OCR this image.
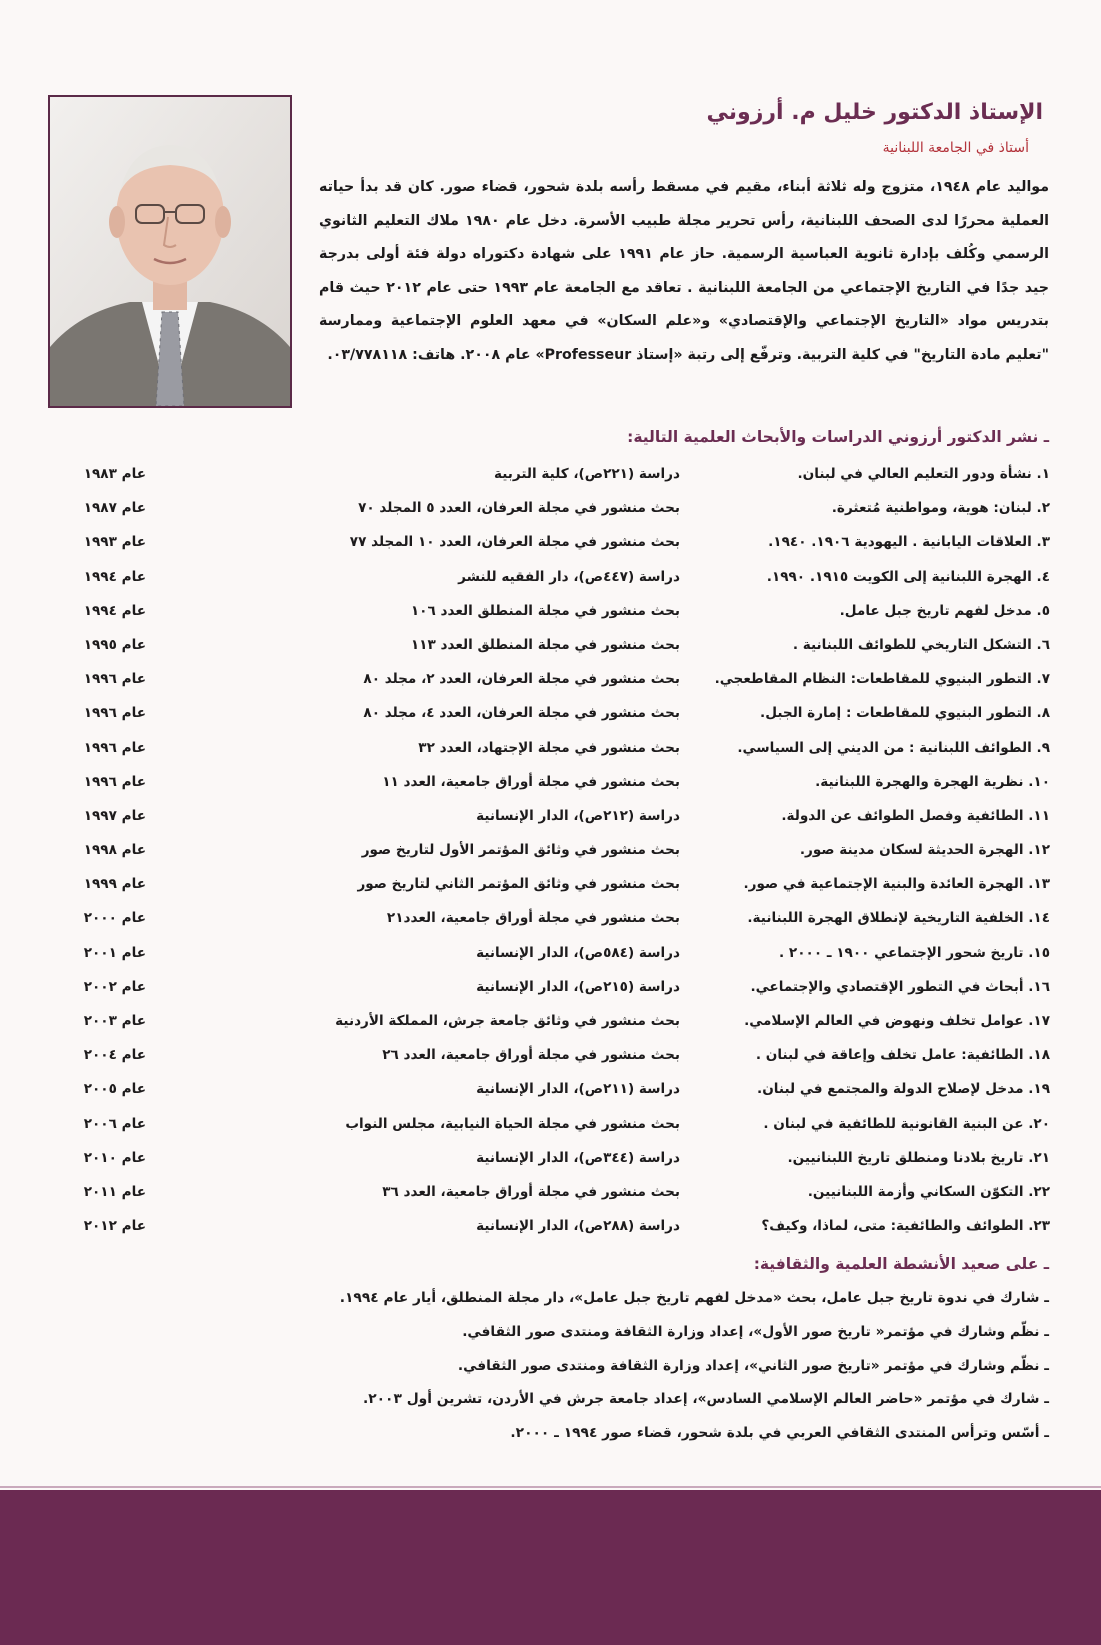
الإستاذ الدكتور خليل م. أرزوني
أستاذ في الجامعة اللبنانية
مواليد عام ١٩٤٨، متزوج وله ثلاثة أبناء، مقيم في مسقط رأسه بلدة شحور، قضاء صور. كان قد بدأ حياته العملية محررًا لدى الصحف اللبنانية، رأس تحرير مجلة طبيب الأسرة. دخل عام ١٩٨٠ ملاك التعليم الثانوي الرسمي وكُلف بإدارة ثانوية العباسية الرسمية. حاز عام ١٩٩١ على شهادة دكتوراه دولة فئة أولى بدرجة جيد جدًا في التاريخ الإجتماعي من الجامعة اللبنانية . تعاقد مع الجامعة عام ١٩٩٣ حتى عام ٢٠١٢ حيث قام بتدريس مواد «التاريخ الإجتماعي والإقتصادي» و«علم السكان» في معهد العلوم الإجتماعية وممارسة "تعليم مادة التاريخ" في كلية التربية. وترفّع إلى رتبة «إستاذ Professeur» عام ٢٠٠٨. هاتف: ٠٣/٧٧٨١١٨.
ـ نشر الدكتور أرزوني الدراسات والأبحاث العلمية التالية:
١. نشأة ودور التعليم العالي في لبنان.
دراسة (٢٢١ص)، كلية التربية
عام ١٩٨٣
٢. لبنان: هوية، ومواطنية مُتعثرة.
بحث منشور في مجلة العرفان، العدد ٥ المجلد ٧٠
عام ١٩٨٧
٣. العلاقات اليابانية . اليهودية ١٩٠٦. ١٩٤٠.
بحث منشور في مجلة العرفان، العدد ١٠ المجلد ٧٧
عام ١٩٩٣
٤. الهجرة اللبنانية إلى الكويت ١٩١٥. ١٩٩٠.
دراسة (٤٤٧ص)، دار الفقيه للنشر
عام ١٩٩٤
٥. مدخل لفهم تاريخ جبل عامل.
بحث منشور في مجلة المنطلق العدد ١٠٦
عام ١٩٩٤
٦. التشكل التاريخي للطوائف اللبنانية .
بحث منشور في مجلة المنطلق العدد ١١٣
عام ١٩٩٥
٧. التطور البنيوي للمقاطعات: النظام المقاطعجي.
بحث منشور في مجلة العرفان، العدد ٢، مجلد ٨٠
عام ١٩٩٦
٨. التطور البنيوي للمقاطعات : إمارة الجبل.
بحث منشور في مجلة العرفان، العدد ٤، مجلد ٨٠
عام ١٩٩٦
٩. الطوائف اللبنانية : من الديني إلى السياسي.
بحث منشور في مجلة الإجتهاد، العدد ٣٢
عام ١٩٩٦
١٠. نظرية الهجرة والهجرة اللبنانية.
بحث منشور في مجلة أوراق جامعية، العدد ١١
عام ١٩٩٦
١١. الطائفية وفصل الطوائف عن الدولة.
دراسة (٢١٢ص)، الدار الإنسانية
عام ١٩٩٧
١٢. الهجرة الحديثة لسكان مدينة صور.
بحث منشور في وثائق المؤتمر الأول لتاريخ صور
عام ١٩٩٨
١٣. الهجرة العائدة والبنية الإجتماعية في صور.
بحث منشور في وثائق المؤتمر الثاني لتاريخ صور
عام ١٩٩٩
١٤. الخلفية التاريخية لإنطلاق الهجرة اللبنانية.
بحث منشور في مجلة أوراق جامعية، العدد٢١
عام ٢٠٠٠
١٥. تاريخ شحور الإجتماعي ١٩٠٠ ـ ٢٠٠٠ .
دراسة (٥٨٤ص)، الدار الإنسانية
عام ٢٠٠١
١٦. أبحاث في التطور الإقتصادي والإجتماعي.
دراسة (٢١٥ص)، الدار الإنسانية
عام ٢٠٠٢
١٧. عوامل تخلف ونهوض في العالم الإسلامي.
بحث منشور في وثائق جامعة جرش، المملكة الأردنية
عام ٢٠٠٣
١٨. الطائفية: عامل تخلف وإعاقة في لبنان .
بحث منشور في مجلة أوراق جامعية، العدد ٢٦
عام ٢٠٠٤
١٩. مدخل لإصلاح الدولة والمجتمع في لبنان.
دراسة (٢١١ص)، الدار الإنسانية
عام ٢٠٠٥
٢٠. عن البنية القانونية للطائفية في لبنان .
بحث منشور في مجلة الحياة النيابية، مجلس النواب
عام ٢٠٠٦
٢١. تاريخ بلادنا ومنطلق تاريخ اللبنانيين.
دراسة (٣٤٤ص)، الدار الإنسانية
عام ٢٠١٠
٢٢. التكوّن السكاني وأزمة اللبنانيين.
بحث منشور في مجلة أوراق جامعية، العدد ٣٦
عام ٢٠١١
٢٣. الطوائف والطائفية: متى، لماذا، وكيف؟
دراسة (٢٨٨ص)، الدار الإنسانية
عام ٢٠١٢
ـ على صعيد الأنشطة العلمية والثقافية:
ـ شارك في ندوة تاريخ جبل عامل، بحث «مدخل لفهم تاريخ جبل عامل»، دار مجلة المنطلق، أيار عام ١٩٩٤.
ـ نظّم وشارك في مؤتمر« تاريخ صور الأول»، إعداد وزارة الثقافة ومنتدى صور الثقافي.
ـ نظّم وشارك في مؤتمر «تاريخ صور الثاني»، إعداد وزارة الثقافة ومنتدى صور الثقافي.
ـ شارك في مؤتمر «حاضر العالم الإسلامي السادس»، إعداد جامعة جرش في الأردن، تشرين أول ٢٠٠٣.
ـ أسّس وترأس المنتدى الثقافي العربي في بلدة شحور، قضاء صور ١٩٩٤ ـ ٢٠٠٠.
